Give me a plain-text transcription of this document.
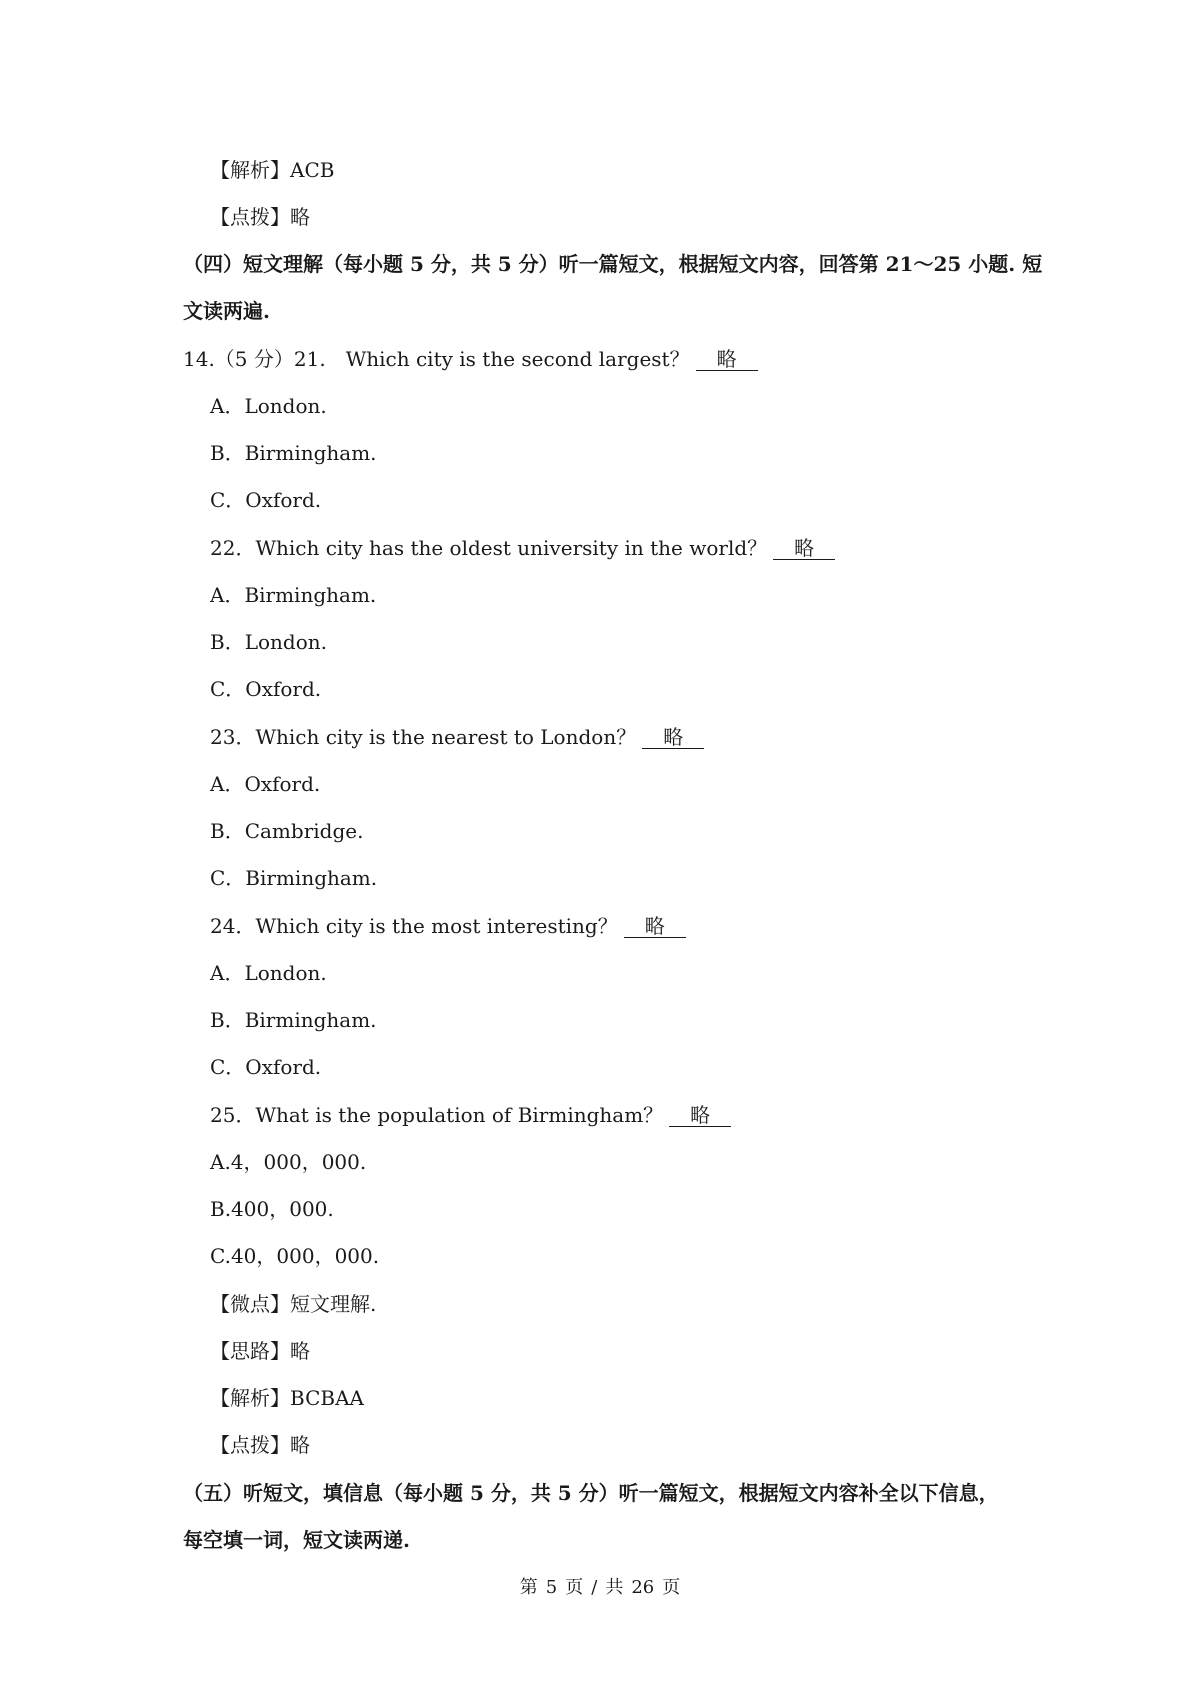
【解析】ACB
【点拨】略
（四）短文理解（每小题 5 分，共 5 分）听一篇短文，根据短文内容，回答第 21～25 小题. 短
文读两遍.
14.（5 分）21.　Which city is the second largest？ 略
A．London.
B．Birmingham.
C．Oxford.
22．Which city has the oldest university in the world？ 略
A．Birmingham.
B．London.
C．Oxford.
23．Which city is the nearest to London？ 略
A．Oxford.
B．Cambridge.
C．Birmingham.
24．Which city is the most interesting？ 略
A．London.
B．Birmingham.
C．Oxford.
25．What is the population of Birmingham？ 略
A.4，000，000.
B.400，000.
C.40，000，000.
【微点】短文理解.
【思路】略
【解析】BCBAA
【点拨】略
（五）听短文，填信息（每小题 5 分，共 5 分）听一篇短文，根据短文内容补全以下信息，
每空填一词，短文读两递.
第 5 页 / 共 26 页
